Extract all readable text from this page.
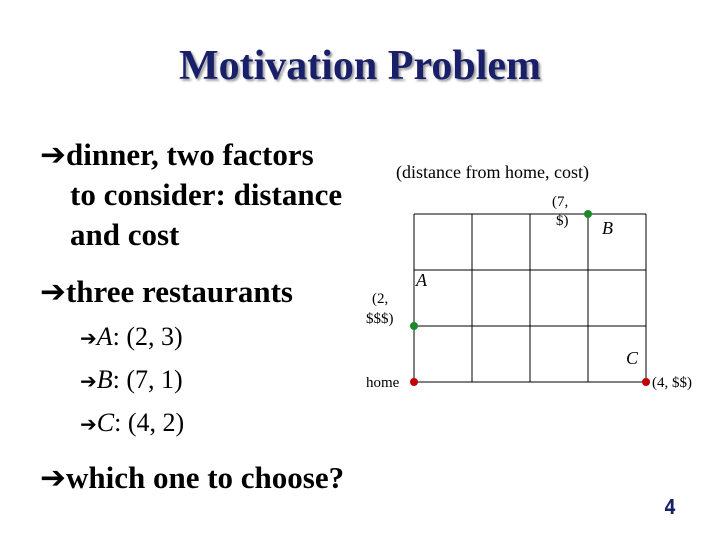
Motivation Problem
➔dinner, two factors
to consider: distance
and cost
➔three restaurants
➔A: (2, 3)
➔B: (7, 1)
➔C: (4, 2)
➔which one to choose?
(distance from home, cost)
(7,
$) B
A
(2,
$$$)
C
(4, $$)
home
4
